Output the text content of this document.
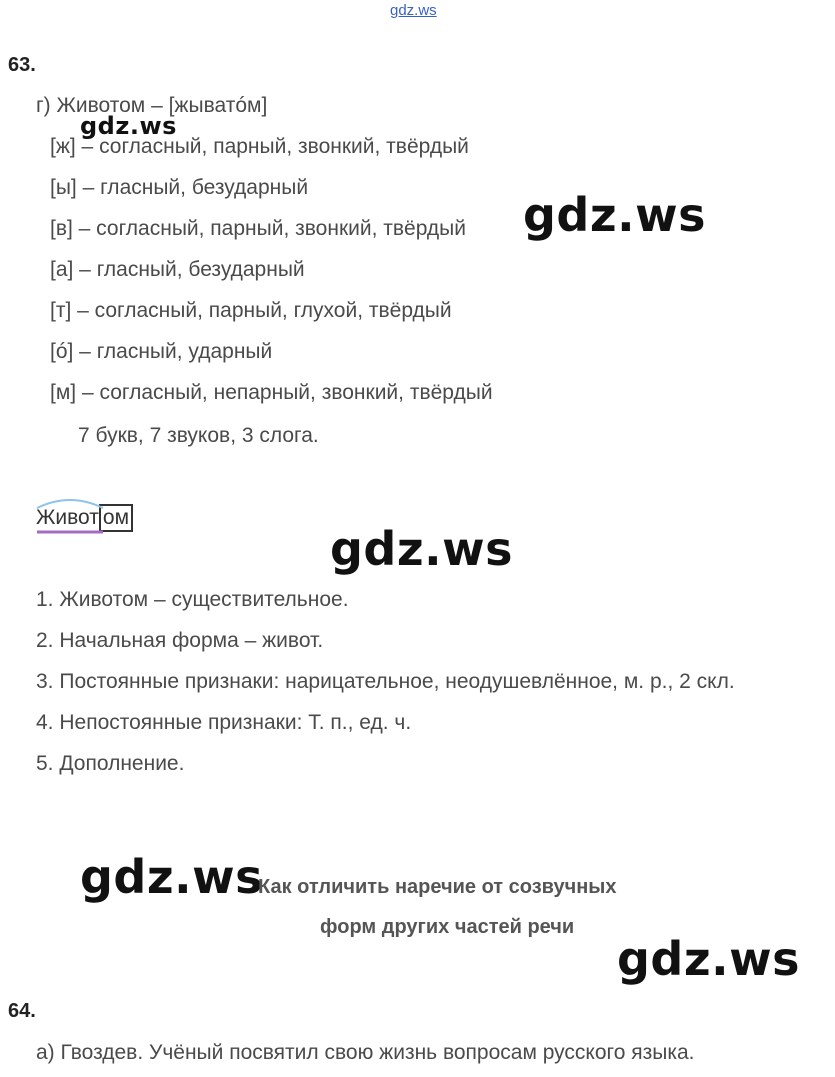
gdz.ws
63.
г) Животом – [жыватóм]
gdz.ws
[ж] – согласный, парный, звонкий, твёрдый
[ы] – гласный, безударный
[в] – согласный, парный, звонкий, твёрдый
[а] – гласный, безударный
[т] – согласный, парный, глухой, твёрдый
[ó] – гласный, ударный
[м] – согласный, непарный, звонкий, твёрдый
7 букв, 7 звуков, 3 слога.
gdz.ws
Живот ом
gdz.ws
1. Животом – существительное.
2. Начальная форма – живот.
3. Постоянные признаки: нарицательное, неодушевлённое, м. р., 2 скл.
4. Непостоянные признаки: Т. п., ед. ч.
5. Дополнение.
gdz.ws
Как отличить наречие от созвучных
форм других частей речи
gdz.ws
64.
а) Гвоздев. Учёный посвятил свою жизнь вопросам русского языка.
